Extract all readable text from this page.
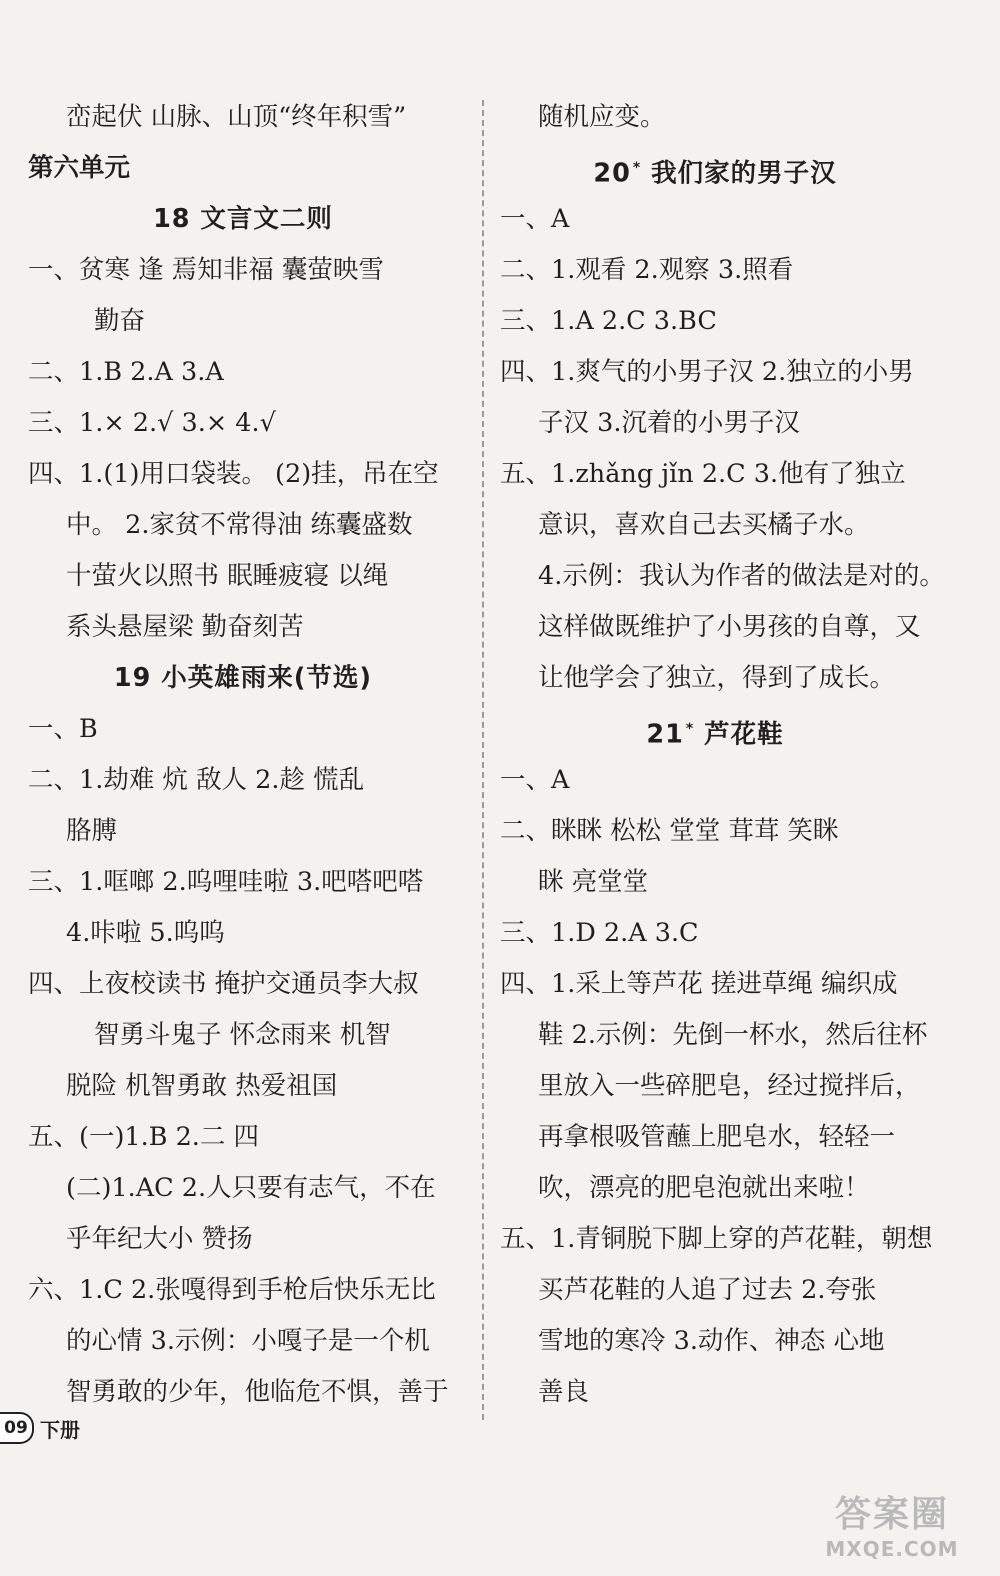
峦起伏 山脉、山顶“终年积雪”
第六单元
18 文言文二则
一、贫寒 逢 焉知非福 囊萤映雪
勤奋
二、1.B 2.A 3.A
三、1.× 2.√ 3.× 4.√
四、1.(1)用口袋装。 (2)挂，吊在空
中。 2.家贫不常得油 练囊盛数
十萤火以照书 眠睡疲寝 以绳
系头悬屋梁 勤奋刻苦
19 小英雄雨来(节选)
一、B
二、1.劫难 炕 敌人 2.趁 慌乱
胳膊
三、1.哐啷 2.呜哩哇啦 3.吧嗒吧嗒
4.咔啦 5.呜呜
四、上夜校读书 掩护交通员李大叔
智勇斗鬼子 怀念雨来 机智
脱险 机智勇敢 热爱祖国
五、(一)1.B 2.二 四
(二)1.AC 2.人只要有志气，不在
乎年纪大小 赞扬
六、1.C 2.张嘎得到手枪后快乐无比
的心情 3.示例：小嘎子是一个机
智勇敢的少年，他临危不惧，善于
随机应变。
20 * 我们家的男子汉
一、A
二、1.观看 2.观察 3.照看
三、1.A 2.C 3.BC
四、1.爽气的小男子汉 2.独立的小男
子汉 3.沉着的小男子汉
五、1.zhǎng jǐn 2.C 3.他有了独立
意识，喜欢自己去买橘子水。
4.示例：我认为作者的做法是对的。
这样做既维护了小男孩的自尊，又
让他学会了独立，得到了成长。
21 * 芦花鞋
一、A
二、眯眯 松松 堂堂 茸茸 笑眯
眯 亮堂堂
三、1.D 2.A 3.C
四、1.采上等芦花 搓进草绳 编织成
鞋 2.示例：先倒一杯水，然后往杯
里放入一些碎肥皂，经过搅拌后，
再拿根吸管蘸上肥皂水，轻轻一
吹，漂亮的肥皂泡就出来啦！
五、1.青铜脱下脚上穿的芦花鞋，朝想
买芦花鞋的人追了过去 2.夸张
雪地的寒冷 3.动作、神态 心地
善良
09 下册
答案圈
MXQE.COM
